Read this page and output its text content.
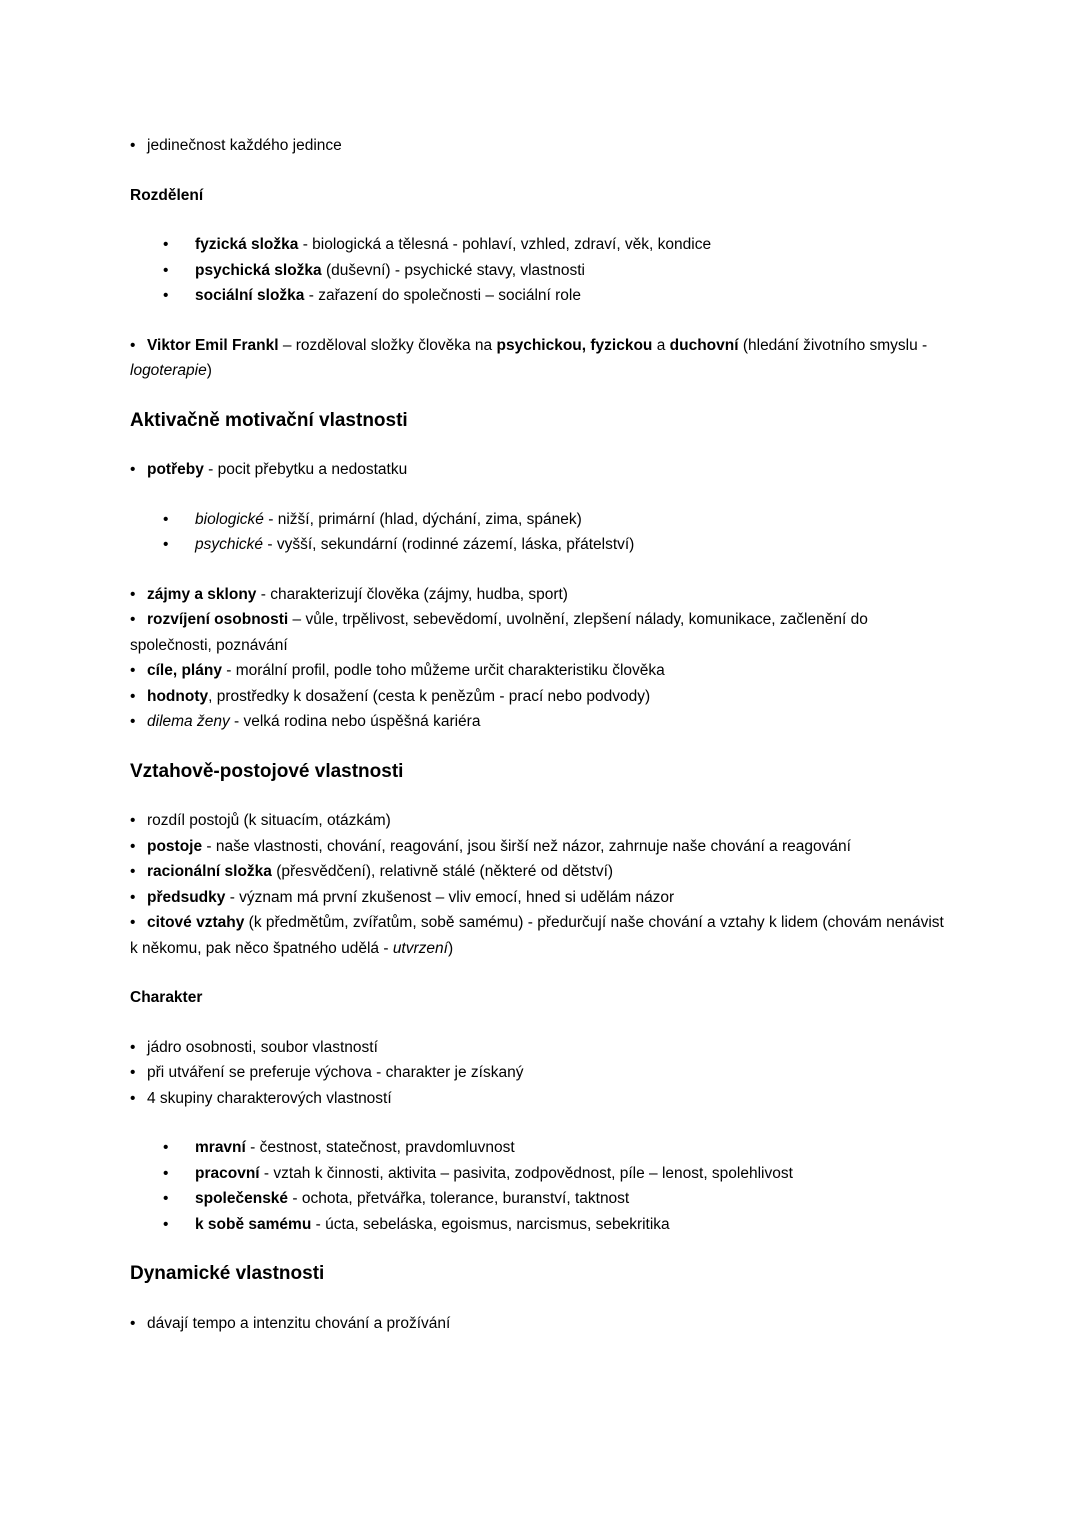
• jedinečnost každého jedince

Rozdělení

• fyzická složka - biologická a tělesná - pohlaví, vzhled, zdraví, věk, kondice

• psychická složka (duševní) - psychické stavy, vlastnosti

• sociální složka - zařazení do společnosti – sociální role

• Viktor Emil Frankl – rozděloval složky člověka na psychickou, fyzickou a duchovní (hledání životního smyslu - logoterapie)

Aktivačně motivační vlastnosti

• potřeby - pocit přebytku a nedostatku

• biologické - nižší, primární (hlad, dýchání, zima, spánek)

• psychické - vyšší, sekundární (rodinné zázemí, láska, přátelství)

• zájmy a sklony - charakterizují člověka (zájmy, hudba, sport)

• rozvíjení osobnosti – vůle, trpělivost, sebevědomí, uvolnění, zlepšení nálady, komunikace, začlenění do společnosti, poznávání

• cíle, plány - morální profil, podle toho můžeme určit charakteristiku člověka

• hodnoty, prostředky k dosažení (cesta k penězům - prací nebo podvody)

• dilema ženy - velká rodina nebo úspěšná kariéra

Vztahově-postojové vlastnosti

• rozdíl postojů (k situacím, otázkám)

• postoje - naše vlastnosti, chování, reagování, jsou širší než názor, zahrnuje naše chování a reagování

• racionální složka (přesvědčení), relativně stálé (některé od dětství)

• předsudky - význam má první zkušenost – vliv emocí, hned si udělám názor

• citové vztahy (k předmětům, zvířatům, sobě samému) - předurčují naše chování a vztahy k lidem (chovám nenávist k někomu, pak něco špatného udělá - utvrzení)

Charakter

• jádro osobnosti, soubor vlastností

• při utváření se preferuje výchova - charakter je získaný

• 4 skupiny charakterových vlastností

• mravní - čestnost, statečnost, pravdomluvnost

• pracovní - vztah k činnosti, aktivita – pasivita, zodpovědnost, píle – lenost, spolehlivost

• společenské - ochota, přetvářka, tolerance, buranství, taktnost

• k sobě samému - úcta, sebeláska, egoismus, narcismus, sebekritika

Dynamické vlastnosti

• dávají tempo a intenzitu chování a prožívání
